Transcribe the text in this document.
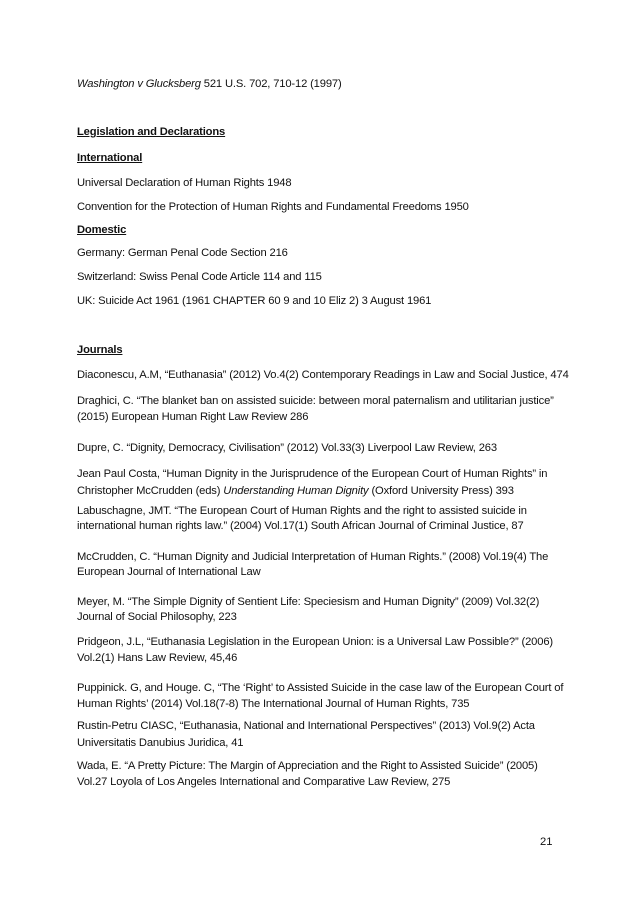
Washington v Glucksberg 521 U.S. 702, 710-12 (1997)
Legislation and Declarations
International
Universal Declaration of Human Rights 1948
Convention for the Protection of Human Rights and Fundamental Freedoms 1950
Domestic
Germany: German Penal Code Section 216
Switzerland: Swiss Penal Code Article 114 and 115
UK: Suicide Act 1961 (1961 CHAPTER 60 9 and 10 Eliz 2) 3 August 1961
Journals
Diaconescu, A.M, “Euthanasia” (2012) Vo.4(2) Contemporary Readings in Law and Social Justice, 474
Draghici, C. “The blanket ban on assisted suicide: between moral paternalism and utilitarian justice”
(2015) European Human Right Law Review 286
Dupre, C. “Dignity, Democracy, Civilisation” (2012) Vol.33(3) Liverpool Law Review, 263
Jean Paul Costa, “Human Dignity in the Jurisprudence of the European Court of Human Rights” in
Christopher McCrudden (eds) Understanding Human Dignity (Oxford University Press) 393
Labuschagne, JMT. “The European Court of Human Rights and the right to assisted suicide in
international human rights law.” (2004) Vol.17(1) South African Journal of Criminal Justice, 87
McCrudden, C. “Human Dignity and Judicial Interpretation of Human Rights.” (2008) Vol.19(4) The
European Journal of International Law
Meyer, M. “The Simple Dignity of Sentient Life: Speciesism and Human Dignity” (2009) Vol.32(2)
Journal of Social Philosophy, 223
Pridgeon, J.L, “Euthanasia Legislation in the European Union: is a Universal Law Possible?” (2006)
Vol.2(1) Hans Law Review, 45,46
Puppinick. G, and Houge. C, “The ‘Right’ to Assisted Suicide in the case law of the European Court of
Human Rights’ (2014) Vol.18(7-8) The International Journal of Human Rights, 735
Rustin-Petru CIASC, “Euthanasia, National and International Perspectives” (2013) Vol.9(2) Acta
Universitatis Danubius Juridica, 41
Wada, E. “A Pretty Picture: The Margin of Appreciation and the Right to Assisted Suicide” (2005)
Vol.27 Loyola of Los Angeles International and Comparative Law Review, 275
21
